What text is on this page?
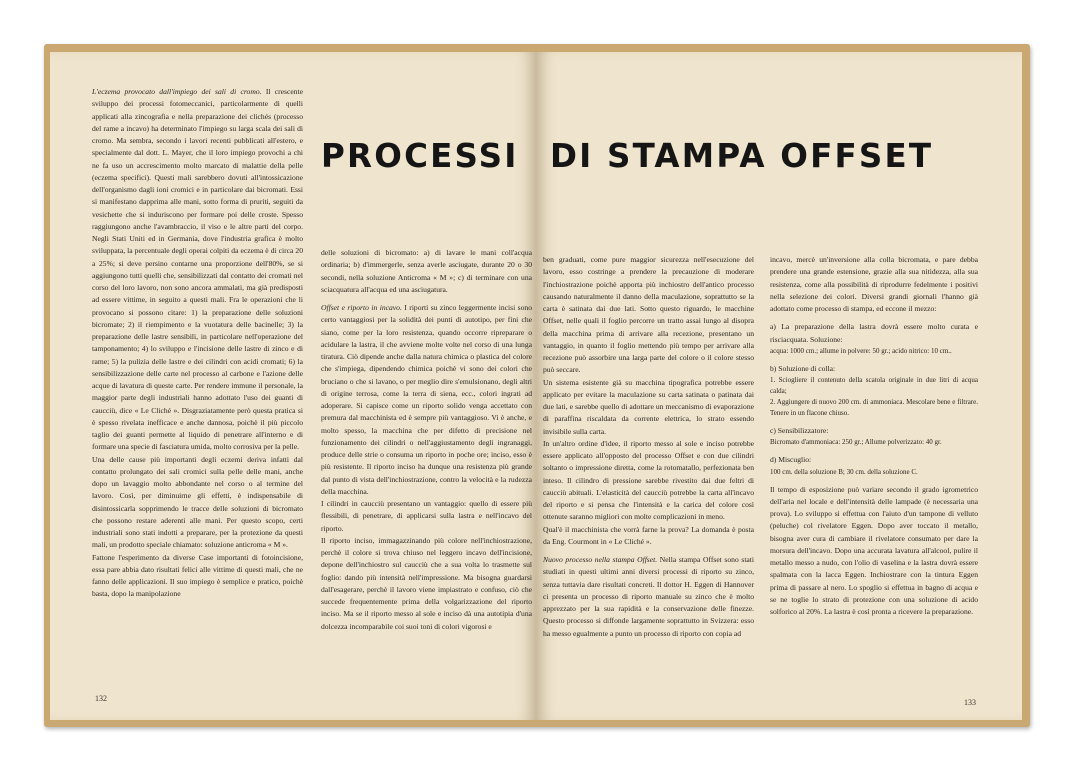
PROCESSI DI STAMPA OFFSET

L'eczema provocato dall'impiego dei sali di cromo. Il crescente sviluppo dei processi fotomeccanici, particolarmente di quelli applicati alla zincografia e nella preparazione dei clichés (processo del rame a incavo) ha determinato l'impiego su larga scala dei sali di cromo. Ma sembra, secondo i lavori recenti pubblicati all'estero, e specialmente dal dott. L. Mayer, che il loro impiego provochi a chi ne fa uso un accrescimento molto marcato di malattie della pelle (eczema specifici). Questi mali sarebbero dovuti all'intossicazione dell'organismo dagli ioni cromici e in particolare dai bicromati. Essi si manifestano dapprima alle mani, sotto forma di pruriti, seguiti da vesichette che si induriscono per formare poi delle croste. Spesso raggiungono anche l'avambraccio, il viso e le altre parti del corpo. Negli Stati Uniti ed in Germania, dove l'industria grafica è molto sviluppata, la percentuale degli operai colpiti da eczema è di circa 20 a 25%; si deve persino contarne una proporzione dell'80%, se si aggiungono tutti quelli che, sensibilizzati dal contatto dei cromati nel corso del loro lavoro, non sono ancora ammalati, ma già predisposti ad essere vittime, in seguito a questi mali. Fra le operazioni che li provocano si possono citare: 1) la preparazione delle soluzioni bicromate; 2) il riempimento e la vuotatura delle bacinelle; 3) la preparazione delle lastre sensibili, in particolare nell'operazione del tamponamento; 4) lo sviluppo e l'incisione delle lastre di zinco e di rame; 5) la pulizia delle lastre e dei cilindri con acidi cromati; 6) la sensibilizzazione delle carte nel processo al carbone e l'azione delle acque di lavatura di queste carte. Per rendere immune il personale, la maggior parte degli industriali hanno adottato l'uso dei guanti di caucciù, dice « Le Cliché ». Disgraziatamente però questa pratica si è spesso rivelata inefficace e anche dannosa, poichè il più piccolo taglio dei guanti permette al liquido di penetrare all'interno e di formare una specie di fasciatura umida, molto corrosiva per la pelle.

Una delle cause più importanti degli eczemi deriva infatti dal contatto prolungato dei sali cromici sulla pelle delle mani, anche dopo un lavaggio molto abbondante nel corso o al termine del lavoro. Così, per diminuirne gli effetti, è indispensabile di disintossicarla sopprimendo le tracce delle soluzioni di bicromato che possono restare aderenti alle mani. Per questo scopo, certi industriali sono stati indotti a preparare, per la protezione da questi mali, un prodotto speciale chiamato: soluzione anticroma « M ».

Fattone l'esperimento da diverse Case importanti di fotoincisione, essa pare abbia dato risultati felici alle vittime di questi mali, che ne fanno delle applicazioni. Il suo impiego è semplice e pratico, poichè basta, dopo la manipolazione

delle soluzioni di bicromato: a) di lavare le mani coll'acqua ordinaria; b) d'immergerle, senza averle asciugate, durante 20 o 30 secondi, nella soluzione Anticroma « M »; c) di terminare con una sciacquatura all'acqua ed una asciugatura.

Offset e riporto in incavo. I riporti su zinco leggermente incisi sono certo vantaggiosi per la solidità dei punti di autotipo, per fini che siano, come per la loro resistenza, quando occorre ripreparare o acidulare la lastra, il che avviene molte volte nel corso di una lunga tiratura. Ciò dipende anche dalla natura chimica o plastica del colore che s'impiega, dipendendo chimica poichè vi sono dei colori che bruciano o che si lavano, o per meglio dire s'emulsionano, degli altri di origine terrosa, come la terra di siena, ecc., colori ingrati ad adoperare. Si capisce come un riporto solido venga accettato con premura dal macchinista ed è sempre più vantaggioso. Vi è anche, e molto spesso, la macchina che per difetto di precisione nel funzionamento dei cilindri o nell'aggiustamento degli ingranaggi, produce delle strie o consuma un riporto in poche ore; inciso, esso è più resistente. Il riporto inciso ha dunque una resistenza più grande dal punto di vista dell'inchiostrazione, contro la velocità e la rudezza della macchina.

I cilindri in caucciù presentano un vantaggio: quello di essere più flessibili, di penetrare, di applicarsi sulla lastra e nell'incavo del riporto.

Il riporto inciso, immagazzinando più colore nell'inchiostrazione, perchè il colore si trova chiuso nel leggero incavo dell'incisione, depone dell'inchiostro sul caucciù che a sua volta lo trasmette sul foglio: dando più intensità nell'impressione. Ma bisogna guardarsi dall'esagerare, perchè il lavoro viene impiastrato e confuso, ciò che succede frequentemente prima della volgarizzazione del riporto inciso. Ma se il riporto messo al sole e inciso dà una autotipia d'una dolcezza incomparabile coi suoi toni di colori vigorosi e

ben graduati, come pure maggior sicurezza nell'esecuzione del lavoro, esso costringe a prendere la precauzione di moderare l'inchiostrazione poichè apporta più inchiostro dell'antico processo causando naturalmente il danno della maculazione, soprattutto se la carta è satinata dai due lati. Sotto questo riguardo, le macchine Offset, nelle quali il foglio percorre un tratto assai lungo al disopra della macchina prima di arrivare alla recezione, presentano un vantaggio, in quanto il foglio mettendo più tempo per arrivare alla recezione può assorbire una larga parte del colore o il colore stesso può seccare.

Un sistema esistente già su macchina tipografica potrebbe essere applicato per evitare la maculazione su carta satinata o patinata dai due lati, e sarebbe quello di adottare un meccanismo di evaporazione di paraffina riscaldata da corrente elettrica, lo strato essendo invisibile sulla carta.

In un'altro ordine d'idee, il riporto messo al sole e inciso potrebbe essere applicato all'opposto del processo Offset e con due cilindri soltanto o impressione diretta, come la rotomatallo, perfezionata ben inteso. Il cilindro di pressione sarebbe rivestito dai due feltri di caucciù abituali. L'elasticità del caucciù potrebbe la carta all'incavo del riporto e si pensa che l'intensità e la carica del colore così ottenute saranno migliori con molte complicazioni in meno.

Qual'è il macchinista che vorrà farne la prova? La domanda è posta da Eng. Courmont in « Le Cliché ».

Nuovo processo nella stampa Offset. Nella stampa Offset sono stati studiati in questi ultimi anni diversi processi di riporto su zinco, senza tuttavia dare risultati concreti. Il dottor H. Eggen di Hannover ci presenta un processo di riporto manuale su zinco che è molto apprezzato per la sua rapidità e la conservazione delle finezze. Questo processo si diffonde largamente soprattutto in Svizzera: esso ha messo egualmente a punto un processo di riporto con copia ad

incavo, mercè un'inversione alla colla bicromata, e pare debba prendere una grande estensione, grazie alla sua nitidezza, alla sua resistenza, come alla possibilità di riprodurre fedelmente i positivi nella selezione dei colori. Diversi grandi giornali l'hanno già adottato come processo di stampa, ed eccone il mezzo:

a) La preparazione della lastra dovrà essere molto curata e risciacquata. Soluzione:

acqua: 1000 cm.; allume in polvere: 50 gr.; acido nitrico: 10 cm..

b) Soluzione di colla:

1. Sciogliere il contenuto della scatola originale in due litri di acqua calda;

2. Aggiungere di nuovo 200 cm. di ammoniaca. Mescolare bene e filtrare. Tenere in un flacone chiuso.

c) Sensibilizzatore:

Bicromato d'ammoniaca: 250 gr.; Allume polverizzato: 40 gr.

d) Miscuglio:

100 cm. della soluzione B; 30 cm. della soluzione C.

Il tempo di esposizione può variare secondo il grado igrometrico dell'aria nel locale e dell'intensità delle lampade (è necessaria una prova). Lo sviluppo si effettua con l'aiuto d'un tampone di velluto (peluche) col rivelatore Eggen. Dopo aver toccato il metallo, bisogna aver cura di cambiare il rivelatore consumato per dare la morsura dell'incavo. Dopo una accurata lavatura all'alcool, pulire il metallo messo a nudo, con l'olio di vaselina e la lastra dovrà essere spalmata con la lacca Eggen. Inchiostrare con la tintura Eggen prima di passare al nero. Lo spoglio si effettua in bagno di acqua e se ne toglie lo strato di protezione con una soluzione di acido solforico al 20%. La lastra è così pronta a ricevere la preparazione.

132	133
